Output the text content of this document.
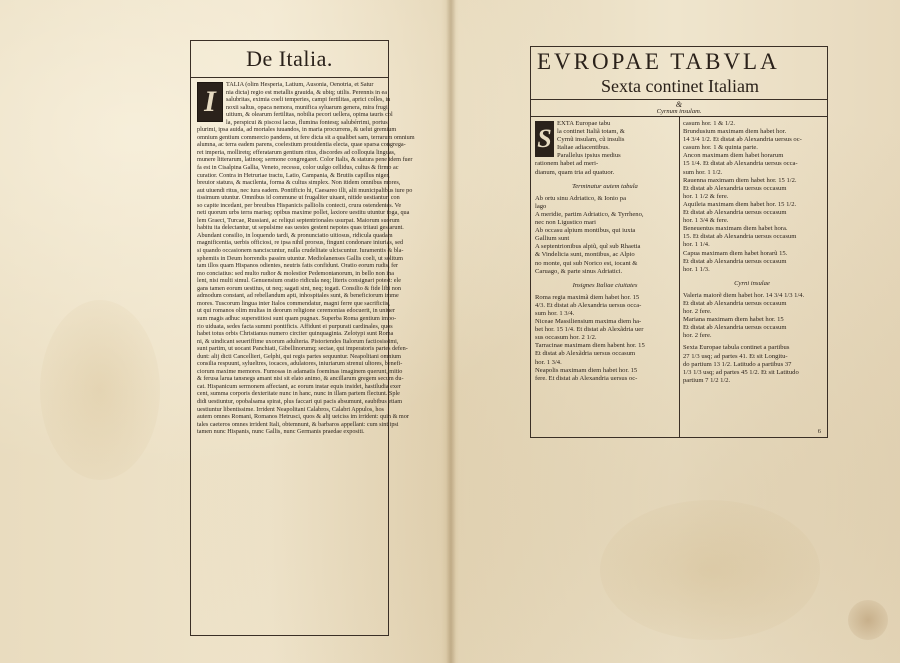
De Italia.
I
TALIA (olim Hesperia, Latium, Ausonia, Oenotria, et Satur
nia dicta) regio est metallis grauida, & ubiq; utilis. Perennis in ea
salubritas, eximia coeli temperies, campi fertilitas, aprici colles, in
noxii saltus, opaca nemora, munifica syluarum genera, mira frugi,
uitium, & olearum fertilitas, nobilia pecori uellera, opima tauris col
la, perspicui & piscosi lacus, flumina fontesq; salubérrimi, portus
plurimi, ipsa auida, ad mortales iuuandos, in maria procurrens, & uelut gremium
omnium gentium commercio pandens, ut fere dicta sit a qualibet sam, terrarum omnium
alumna, ac terra eadem parens, coelestium prouidentia electa, quae sparsa congrega-
ret imperia, molliretq; efferatarum gentium ritus, discordes ad colloquia linguas,
munere litterarum, latinoq; sermone congregaret. Color Italis, & statura pene idem fuer
fa est in Cisalpina Gallia, Veneto, recessu, color uulgo cellidus, cultus & firmo ac
curatior. Contra in Hetruriae tractu, Latio, Campania, & Brutiis capillus niger,
breuior statura, & macilenta, forma & cultus simplex. Non itidem omnibus mores,
aut uiuendi ritus, nec iura eadem. Pontificio hi, Caesareo illi, alii municipalibus iure po
tissimum utuntur. Omnibus id commune ut frugaliter uiuant, nitide uestiantur, con
so capite incedant, per breuibus Hispanicis palliolis contecti, crura ostendentes. Ve
neti quorum urbs terra marisq; opibus maxime pollet, laxiore uestitu utuntur toga, qua
lem Graeci, Turcae, Russiani, ac reliqui septentrionales usurpat. Maiorum suorum
habitu ita delectantur, ut sepulsime eas uestes gestent nepotes quas tritaui gestarunt.
Abundant consilio, in loquendo tardi, & pronunciatio uitiosus, ridicula quadam
magnificentia, uerbis officiosi, re ipsa nihil prorsus, fingunt condonare iniurias, sed
si quando occasionem nanciscuntur, nulla crudelitate ulciscuntur. Iuramentis & bla-
sphemiis in Deum horrendis passim utuntur. Mediolanenses Gallis coeli, ut solitum
tam illos quam Hispanos odientes, neutris fatis confidunt. Oratio eorum rudis, fer
mo conciatius: sed multo rudior & molestior Pedemontanorum, in bello non ina
lent, nisi multi simul. Genuensium oratio ridicula neq; literis consignari potest: ele
gans tamen eorum uestitus, ut neq; sagati sint, neq; togati. Consilio & fide libi non
admodum constant, ad rebellandum apti, inhospitales sunt, & beneficiorum imme
mores. Tuscorum lingua inter Italos commendatur, magni ferre que sacrificiis,
ut qui romanos olim multas in deorum religione ceremonias edocuerit, in uniuer
sum magis adhuc superstitiosi sunt quam pugnax. Superba Roma gentium impo-
rio uiduata, sedes facta summi pontificis. Affidunt ei purpurati cardinales, quos
habet totus orbis Christianus numero circiter quinquaginta. Zelotypi sunt Roma
ni, & uindicant seueriffime uxorum adulteria. Pistoriendes Italorum factiosissimi,
sunt partim, ut uocant Panchiati, Gibellinorumq; sectae, qui imperatoris partes defen-
dunt: alij dicti Cancellieri, Gelphi, qui regis partes sequuntur. Neapolitani omnium
consilia respuunt, sylueltres, iocaces, adulatores, iniuriarum strenui ultores, benefi-
ciorum maxime memores. Fumosas in adamatis foeminas imaginem querunt, mitio
& ferusa larua tansnegs amant nisi sit elato animo, & ancillarum gregem secum du-
cat. Hispanicum sermonem affectant, ac eorum instar equis insidet, hastiludia exer
cent, summa corporis dexteritate nunc in hanc, nunc in illam partem flectunt. Sple
didi uestiuntur, opobalsama spirat, plus faccari qui pacis absumunt, eaubibus etiam
uestiuntur libentissime. Irrident Neapolitani Calabros, Calabri Appulos, hos
autem omnes Romani, Romanos Hetrusci, quos & alij ueiciss im irrident: quin & mor
tales caeteros omnes irrident Itali, obtemnunt, & barbaros appellant: cum sint ipsi
tamen nunc Hispanis, nunc Gallis, nunc Germanis praedae expositi.
EVROPAE TABVLA
Sexta continet Italiam
&
Cyrnum insulam.
S
EXTA Europae tabu
la continet Italiã totam, &
Cyrnũ insulam, cũ insulis
Italiae adiacentibus.
Parallelus ipsius medius
rationem habet ad meri-
dianum, quam tria ad quatuor.
Terminatur autem tabula
Ab ortu sinu Adriatico, & Ionio pa
lago
A meridie, partim Adriatico, & Tyrrheno,
nec non Ligustico mari
Ab occasu alpium montibus, qui iuxta
Gallium sunt
A septentrionibus alpiũ, quĩ sub Rhaetia
& Vindelicia sunt, montibus, ac Alpio
no monte, qui sub Norico est, iocant &
Caruago, & parte sinus Adriatici.
Insignes Italiae ciuitates
Roma regia maximã diem habet hor. 15
4/3. Et distat ab Alexandria uersus occa-
sum hor. 1 3/4.
Niceae Massiliensium maxima diem ha-
bet hor. 15 1/4. Et distat ab Alexãdria uer
sus occasum hor. 2 1/2.
Tarracinae maximam diem habent hor. 15
Et distat ab Alexãdria uersus occasum
hor. 1 3/4.
Neapolis maximam diem habet hor. 15
fere. Et distat ab Alexandria uersus oc-
casum hor. 1 & 1/2.
Brundusium maximam diem habet hor.
14 3/4 1/2. Et distat ab Alexandria uersus oc-
casum hor. 1 & quinta parte.
Ancon maximam diem habet horarum
15 1/4. Et distat ab Alexandria uersus occa-
sum hor. 1 1/2.
Rauenna maximam diem habet hor. 15 1/2.
Et distat ab Alexandria uersus occasum
hor. 1 1/2 & fere.
Aquileia maximam diem habet hor. 15 1/2.
Et distat ab Alexandria uersus occasum
hor. 1 3/4 & fere.
Beneuentus maximam diem habet hora.
15. Et distat ab Alexandria uersus occasum
hor. 1 1/4.
Capua maximam diem habet horarũ 15.
Et distat ab Alexandria uersus occasum
hor. 1 1/3.
Cyrni insulae
Valeria maiorẽ diem habet hor. 14 3/4 1/3 1/4.
Et distat ab Alexandria uersus occasum
hor. 2 fere.
Mariana maximam diem habet hor. 15
Et distat ab Alexandria uersus occasum
hor. 2 fere.
Sexta Europae tabula continet a partibus
27 1/3 usq; ad partes 41. Et sit Longitu-
do partium 13 1/2. Latitudo a partibus 37
1/3 1/3 usq; ad partes 45 1/2. Et sit Latitudo
partium 7 1/2 1/2.
6
